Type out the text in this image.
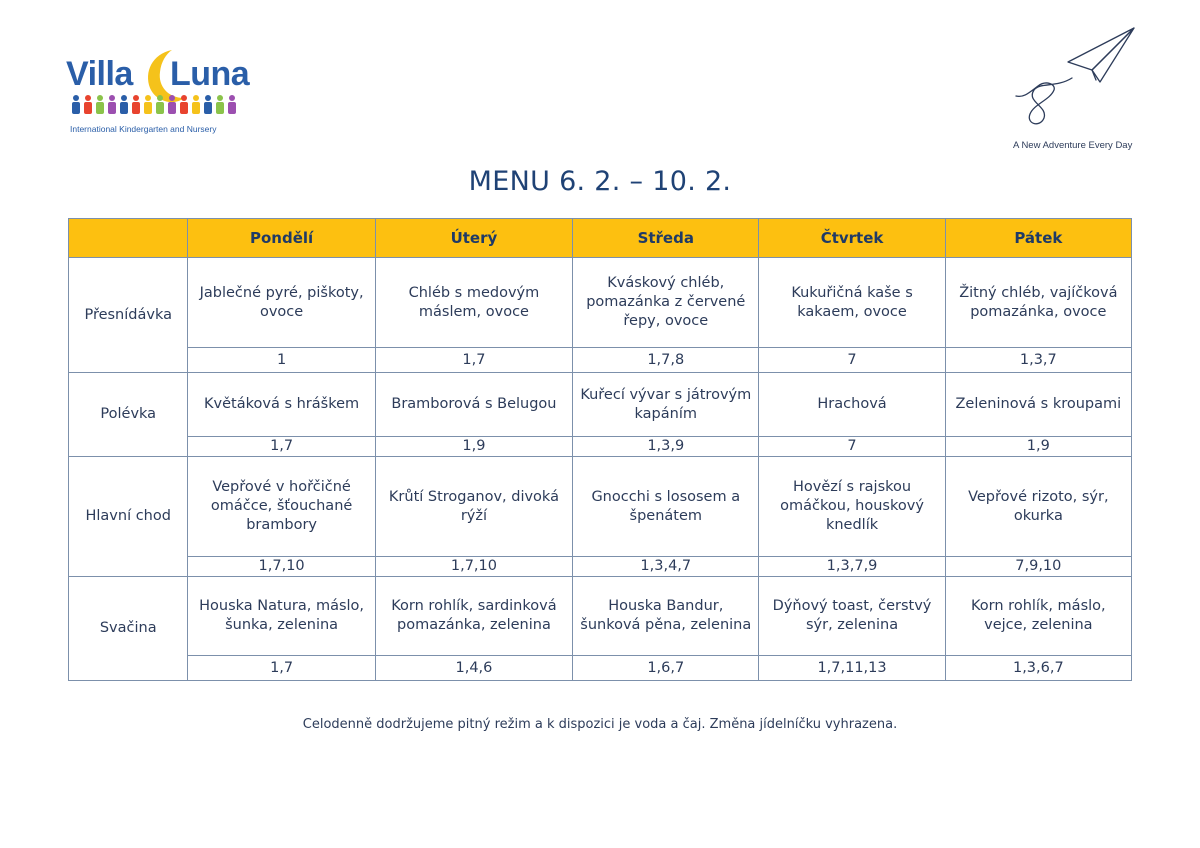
Villa Luna
International Kindergarten and Nursery
A New Adventure Every Day
MENU 6. 2. – 10. 2.
	Pondělí	Úterý	Středa	Čtvrtek	Pátek
Přesnídávka	Jablečné pyré, piškoty, ovoce	Chléb s medovým máslem, ovoce	Kváskový chléb, pomazánka z červené řepy, ovoce	Kukuřičná kaše s kakaem, ovoce	Žitný chléb, vajíčková pomazánka, ovoce
	1	1,7	1,7,8	7	1,3,7
Polévka	Květáková s hráškem	Bramborová s Belugou	Kuřecí vývar s játrovým kapáním	Hrachová	Zeleninová s kroupami
	1,7	1,9	1,3,9	7	1,9
Hlavní chod	Vepřové v hořčičné omáčce, šťouchané brambory	Krůtí Stroganov, divoká rýží	Gnocchi s lososem a špenátem	Hovězí s rajskou omáčkou, houskový knedlík	Vepřové rizoto, sýr, okurka
	1,7,10	1,7,10	1,3,4,7	1,3,7,9	7,9,10
Svačina	Houska Natura, máslo, šunka, zelenina	Korn rohlík, sardinková pomazánka, zelenina	Houska Bandur, šunková pěna, zelenina	Dýňový toast, čerstvý sýr, zelenina	Korn rohlík, máslo, vejce, zelenina
	1,7	1,4,6	1,6,7	1,7,11,13	1,3,6,7
Celodenně dodržujeme pitný režim a k dispozici je voda a čaj. Změna jídelníčku vyhrazena.
